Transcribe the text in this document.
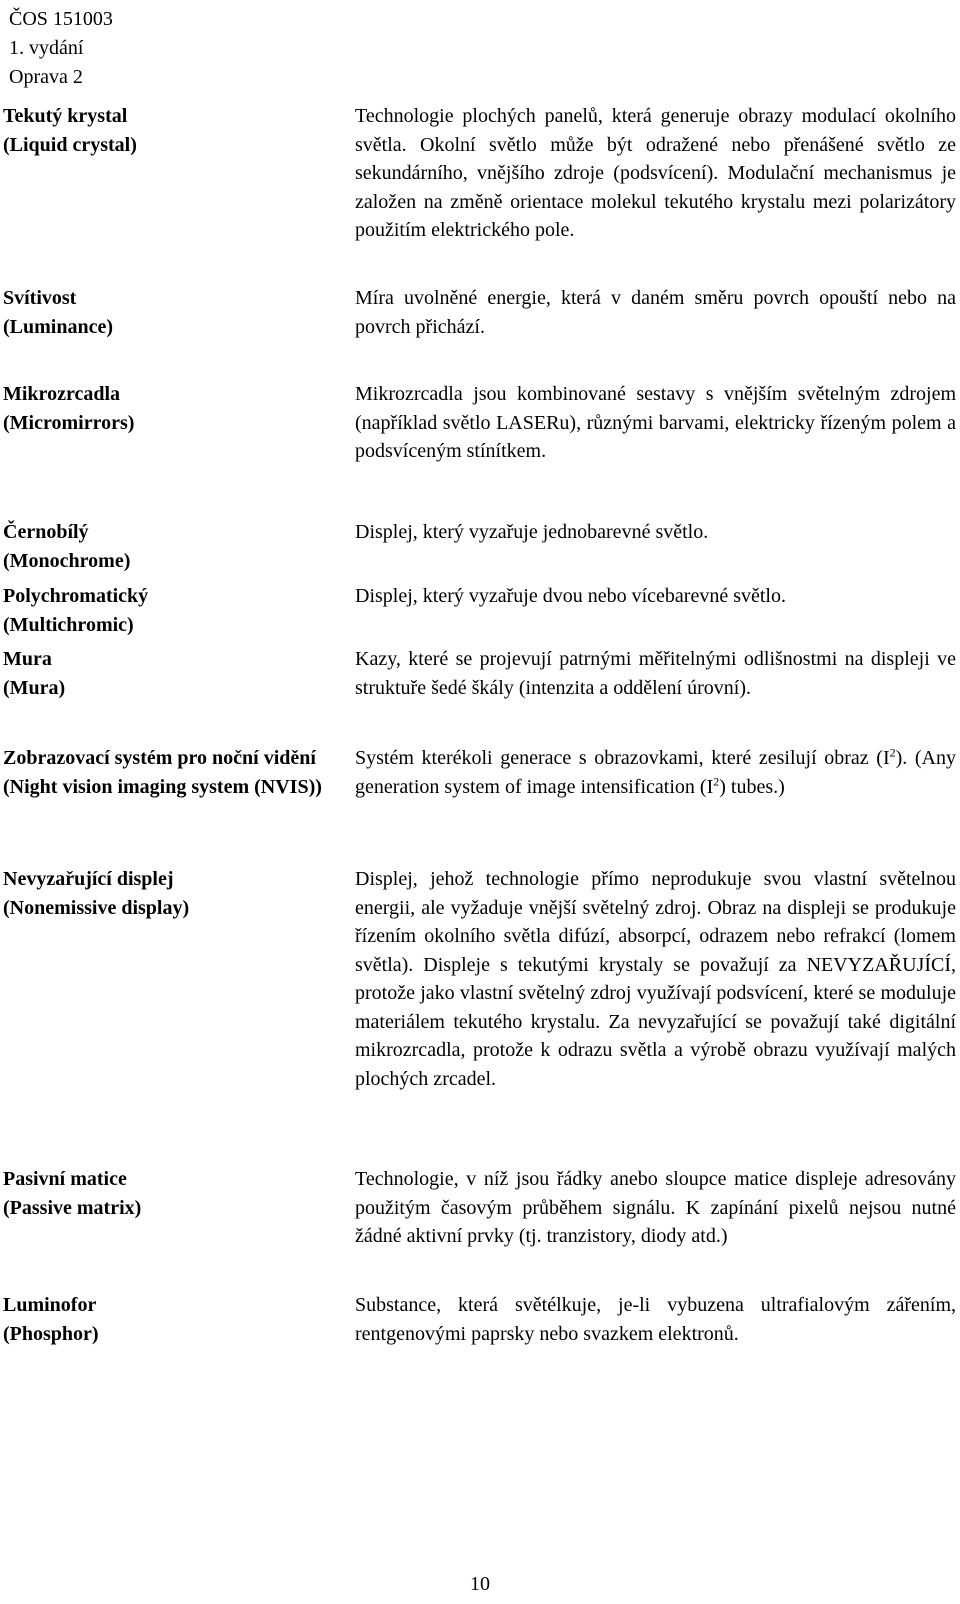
ČOS 151003
1. vydání
Oprava 2
Tekutý krystal
(Liquid crystal)

Technologie plochých panelů, která generuje obrazy modulací okolního světla. Okolní světlo může být odražené nebo přenášené světlo ze sekundárního, vnějšího zdroje (podsvícení). Modulační mechanismus je založen na změně orientace molekul tekutého krystalu mezi polarizátory použitím elektrického pole.

Svítivost
(Luminance)

Míra uvolněné energie, která v daném směru povrch opouští nebo na povrch přichází.

Mikrozrcadla
(Micromirrors)

Mikrozrcadla jsou kombinované sestavy s vnějším světelným zdrojem (například světlo LASERu), různými barvami, elektricky řízeným polem a podsvíceným stínítkem.

Černobílý
(Monochrome)

Displej, který vyzařuje jednobarevné světlo.

Polychromatický
(Multichromic)

Displej, který vyzařuje dvou nebo vícebarevné světlo.

Mura
(Mura)

Kazy, které se projevují patrnými měřitelnými odlišnostmi na displeji ve struktuře šedé škály (intenzita a oddělení úrovní).

Zobrazovací systém pro noční vidění
(Night vision imaging system (NVIS))

Systém kterékoli generace s obrazovkami, které zesilují obraz $(I^2)$. (Any generation system of image intensification $(I^2)$ tubes.)

Nevyzařující displej
(Nonemissive display)

Displej, jehož technologie přímo neprodukuje svou vlastní světelnou energii, ale vyžaduje vnější světelný zdroj. Obraz na displeji se produkuje řízením okolního světla difúzí, absorpcí, odrazem nebo refrakcí (lomem světla). Displeje s tekutými krystaly se považují za NEVYZAŘUJÍCÍ, protože jako vlastní světelný zdroj využívají podsvícení, které se moduluje materiálem tekutého krystalu. Za nevyzařující se považují také digitální mikrozrcadla, protože k odrazu světla a výrobě obrazu využívají malých plochých zrcadel.

Pasivní matice
(Passive matrix)

Technologie, v níž jsou řádky anebo sloupce matice displeje adresovány použitým časovým průběhem signálu. K zapínání pixelů nejsou nutné žádné aktivní prvky (tj. tranzistory, diody atd.)

Luminofor
(Phosphor)

Substance, která světélkuje, je-li vybuzena ultrafialovým zářením, rentgenovými paprsky nebo svazkem elektronů.

10
